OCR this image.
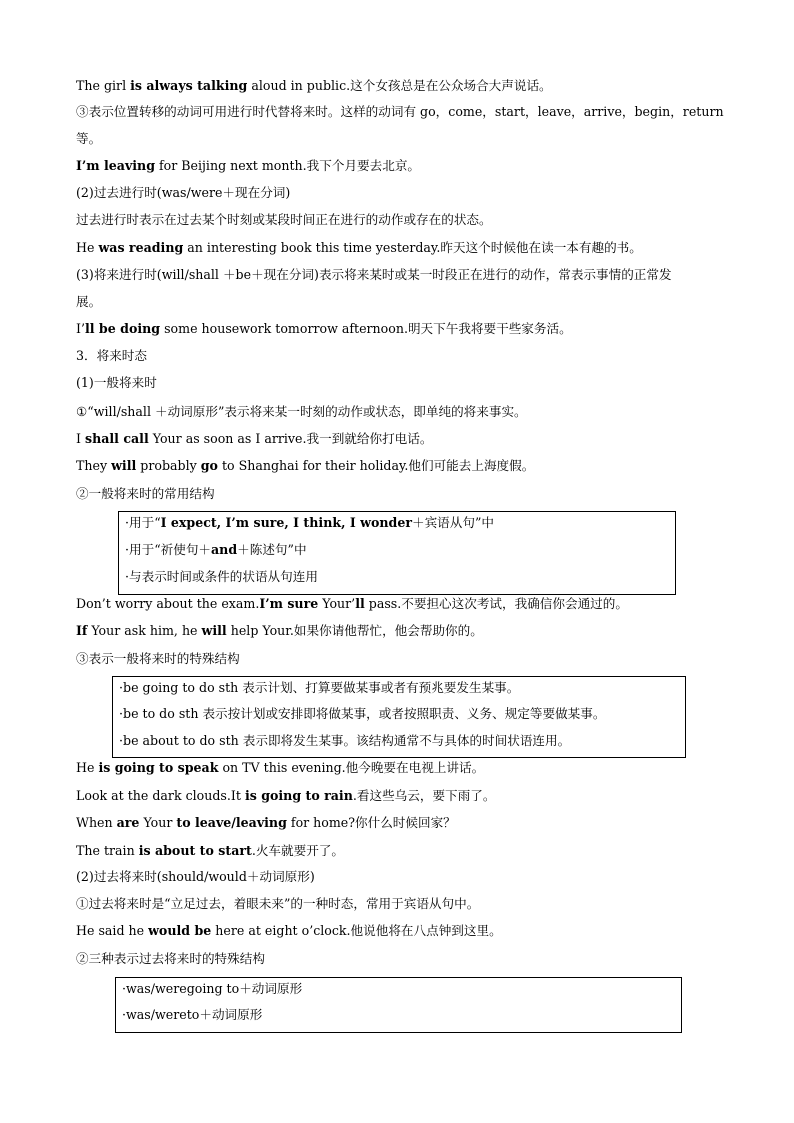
The girl is always talking aloud in public.这个女孩总是在公众场合大声说话。
③表示位置转移的动词可用进行时代替将来时。这样的动词有 go，come，start，leave，arrive，begin，return
等。
I’m leaving for Beijing next month.我下个月要去北京。
(2)过去进行时(was/were＋现在分词)
过去进行时表示在过去某个时刻或某段时间正在进行的动作或存在的状态。
He was reading an interesting book this time yesterday.昨天这个时候他在读一本有趣的书。
(3)将来进行时(will/shall ＋be＋现在分词)表示将来某时或某一时段正在进行的动作，常表示事情的正常发
展。
I’ll be doing some housework tomorrow afternoon.明天下午我将要干些家务活。
3．将来时态
(1)一般将来时
①“will/shall ＋动词原形”表示将来某一时刻的动作或状态，即单纯的将来事实。
I shall call Your as soon as I arrive.我一到就给你打电话。
They will probably go to Shanghai for their holiday.他们可能去上海度假。
②一般将来时的常用结构
Don’t worry about the exam.I’m sure Your’ll pass.不要担心这次考试，我确信你会通过的。
If Your ask him, he will help Your.如果你请他帮忙，他会帮助你的。
③表示一般将来时的特殊结构
He is going to speak on TV this evening.他今晚要在电视上讲话。
Look at the dark clouds.It is going to rain.看这些乌云，要下雨了。
When are Your to leave/leaving for home?你什么时候回家？
The train is about to start.火车就要开了。
(2)过去将来时(should/would＋动词原形)
①过去将来时是“立足过去，着眼未来”的一种时态，常用于宾语从句中。
He said he would be here at eight o’clock.他说他将在八点钟到这里。
②三种表示过去将来时的特殊结构
·用于“I expect, I’m sure, I think, I wonder＋宾语从句”中
·用于“祈使句＋and＋陈述句”中
·与表示时间或条件的状语从句连用
·be going to do sth 表示计划、打算要做某事或者有预兆要发生某事。
·be to do sth 表示按计划或安排即将做某事，或者按照职责、义务、规定等要做某事。
·be about to do sth 表示即将发生某事。该结构通常不与具体的时间状语连用。
·was/weregoing to＋动词原形
·was/wereto＋动词原形
